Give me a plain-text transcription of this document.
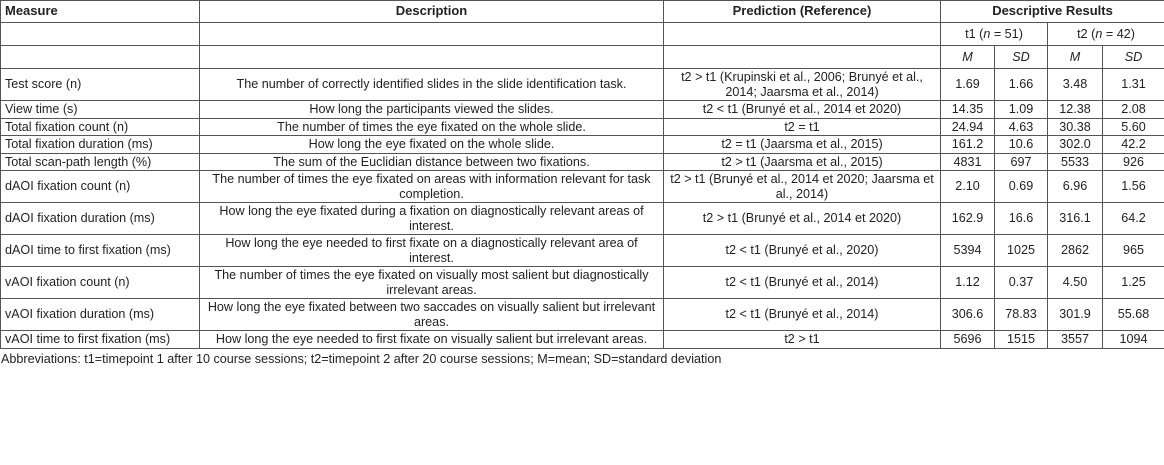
Measure	Description	Prediction (Reference)	Descriptive Results			
			t1 (n = 51)		t2 (n = 42)	
			M	SD	M	SD
Test score (n)	The number of correctly identified slides in the slide identification task.	t2 > t1 (Krupinski et al., 2006; Brunyé et al., 2014; Jaarsma et al., 2014)	1.69	1.66	3.48	1.31
View time (s)	How long the participants viewed the slides.	t2 < t1 (Brunyé et al., 2014 et 2020)	14.35	1.09	12.38	2.08
Total fixation count (n)	The number of times the eye fixated on the whole slide.	t2 = t1	24.94	4.63	30.38	5.60
Total fixation duration (ms)	How long the eye fixated on the whole slide.	t2 = t1 (Jaarsma et al., 2015)	161.2	10.6	302.0	42.2
Total scan-path length (%)	The sum of the Euclidian distance between two fixations.	t2 > t1 (Jaarsma et al., 2015)	4831	697	5533	926
dAOI fixation count (n)	The number of times the eye fixated on areas with information relevant for task completion.	t2 > t1 (Brunyé et al., 2014 et 2020; Jaarsma et al., 2014)	2.10	0.69	6.96	1.56
dAOI fixation duration (ms)	How long the eye fixated during a fixation on diagnostically relevant areas of interest.	t2 > t1 (Brunyé et al., 2014 et 2020)	162.9	16.6	316.1	64.2
dAOI time to first fixation (ms)	How long the eye needed to first fixate on a diagnostically relevant area of interest.	t2 < t1 (Brunyé et al., 2020)	5394	1025	2862	965
vAOI fixation count (n)	The number of times the eye fixated on visually most salient but diagnostically irrelevant areas.	t2 < t1 (Brunyé et al., 2014)	1.12	0.37	4.50	1.25
vAOI fixation duration (ms)	How long the eye fixated between two saccades on visually salient but irrelevant areas.	t2 < t1 (Brunyé et al., 2014)	306.6	78.83	301.9	55.68
vAOI time to first fixation (ms)	How long the eye needed to first fixate on visually salient but irrelevant areas.	t2 > t1	5696	1515	3557	1094
Abbreviations: t1=timepoint 1 after 10 course sessions; t2=timepoint 2 after 20 course sessions; M=mean; SD=standard deviation
